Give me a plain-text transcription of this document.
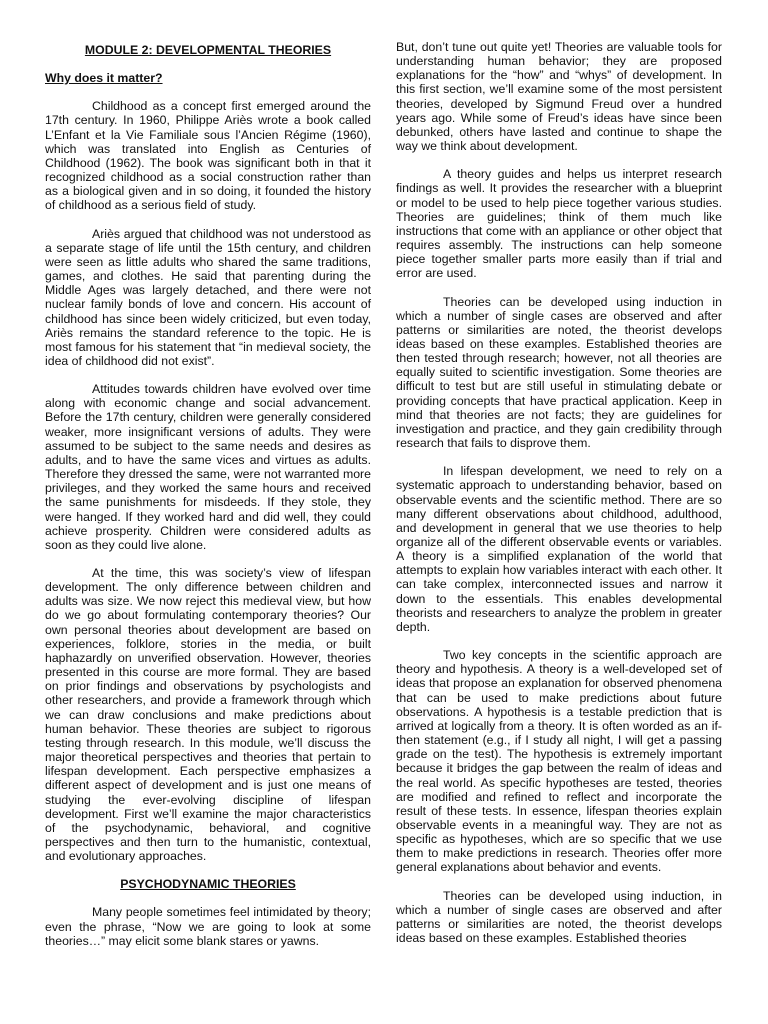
MODULE 2: DEVELOPMENTAL THEORIES
Why does it matter?

Childhood as a concept first emerged around the 17th century. In 1960, Philippe Ariès wrote a book called L’Enfant et la Vie Familiale sous l’Ancien Régime (1960), which was translated into English as Centuries of Childhood (1962). The book was significant both in that it recognized childhood as a social construction rather than as a biological given and in so doing, it founded the history of childhood as a serious field of study.

Ariès argued that childhood was not understood as a separate stage of life until the 15th century, and children were seen as little adults who shared the same traditions, games, and clothes. He said that parenting during the Middle Ages was largely detached, and there were not nuclear family bonds of love and concern. His account of childhood has since been widely criticized, but even today, Ariès remains the standard reference to the topic. He is most famous for his statement that “in medieval society, the idea of childhood did not exist”.

Attitudes towards children have evolved over time along with economic change and social advancement. Before the 17th century, children were generally considered weaker, more insignificant versions of adults. They were assumed to be subject to the same needs and desires as adults, and to have the same vices and virtues as adults. Therefore they dressed the same, were not warranted more privileges, and they worked the same hours and received the same punishments for misdeeds. If they stole, they were hanged. If they worked hard and did well, they could achieve prosperity. Children were considered adults as soon as they could live alone.

At the time, this was society’s view of lifespan development. The only difference between children and adults was size. We now reject this medieval view, but how do we go about formulating contemporary theories? Our own personal theories about development are based on experiences, folklore, stories in the media, or built haphazardly on unverified observation. However, theories presented in this course are more formal. They are based on prior findings and observations by psychologists and other researchers, and provide a framework through which we can draw conclusions and make predictions about human behavior. These theories are subject to rigorous testing through research. In this module, we’ll discuss the major theoretical perspectives and theories that pertain to lifespan development. Each perspective emphasizes a different aspect of development and is just one means of studying the ever-evolving discipline of lifespan development. First we’ll examine the major characteristics of the psychodynamic, behavioral, and cognitive perspectives and then turn to the humanistic, contextual, and evolutionary approaches.

PSYCHODYNAMIC THEORIES

Many people sometimes feel intimidated by theory; even the phrase, “Now we are going to look at some theories…” may elicit some blank stares or yawns.

But, don’t tune out quite yet! Theories are valuable tools for understanding human behavior; they are proposed explanations for the “how” and “whys” of development. In this first section, we’ll examine some of the most persistent theories, developed by Sigmund Freud over a hundred years ago. While some of Freud’s ideas have since been debunked, others have lasted and continue to shape the way we think about development.

A theory guides and helps us interpret research findings as well. It provides the researcher with a blueprint or model to be used to help piece together various studies. Theories are guidelines; think of them much like instructions that come with an appliance or other object that requires assembly. The instructions can help someone piece together smaller parts more easily than if trial and error are used.

Theories can be developed using induction in which a number of single cases are observed and after patterns or similarities are noted, the theorist develops ideas based on these examples. Established theories are then tested through research; however, not all theories are equally suited to scientific investigation. Some theories are difficult to test but are still useful in stimulating debate or providing concepts that have practical application. Keep in mind that theories are not facts; they are guidelines for investigation and practice, and they gain credibility through research that fails to disprove them.

In lifespan development, we need to rely on a systematic approach to understanding behavior, based on observable events and the scientific method. There are so many different observations about childhood, adulthood, and development in general that we use theories to help organize all of the different observable events or variables. A theory is a simplified explanation of the world that attempts to explain how variables interact with each other. It can take complex, interconnected issues and narrow it down to the essentials. This enables developmental theorists and researchers to analyze the problem in greater depth.

Two key concepts in the scientific approach are theory and hypothesis. A theory is a well-developed set of ideas that propose an explanation for observed phenomena that can be used to make predictions about future observations. A hypothesis is a testable prediction that is arrived at logically from a theory. It is often worded as an if-then statement (e.g., if I study all night, I will get a passing grade on the test). The hypothesis is extremely important because it bridges the gap between the realm of ideas and the real world. As specific hypotheses are tested, theories are modified and refined to reflect and incorporate the result of these tests. In essence, lifespan theories explain observable events in a meaningful way. They are not as specific as hypotheses, which are so specific that we use them to make predictions in research. Theories offer more general explanations about behavior and events.

Theories can be developed using induction, in which a number of single cases are observed and after patterns or similarities are noted, the theorist develops ideas based on these examples. Established theories
